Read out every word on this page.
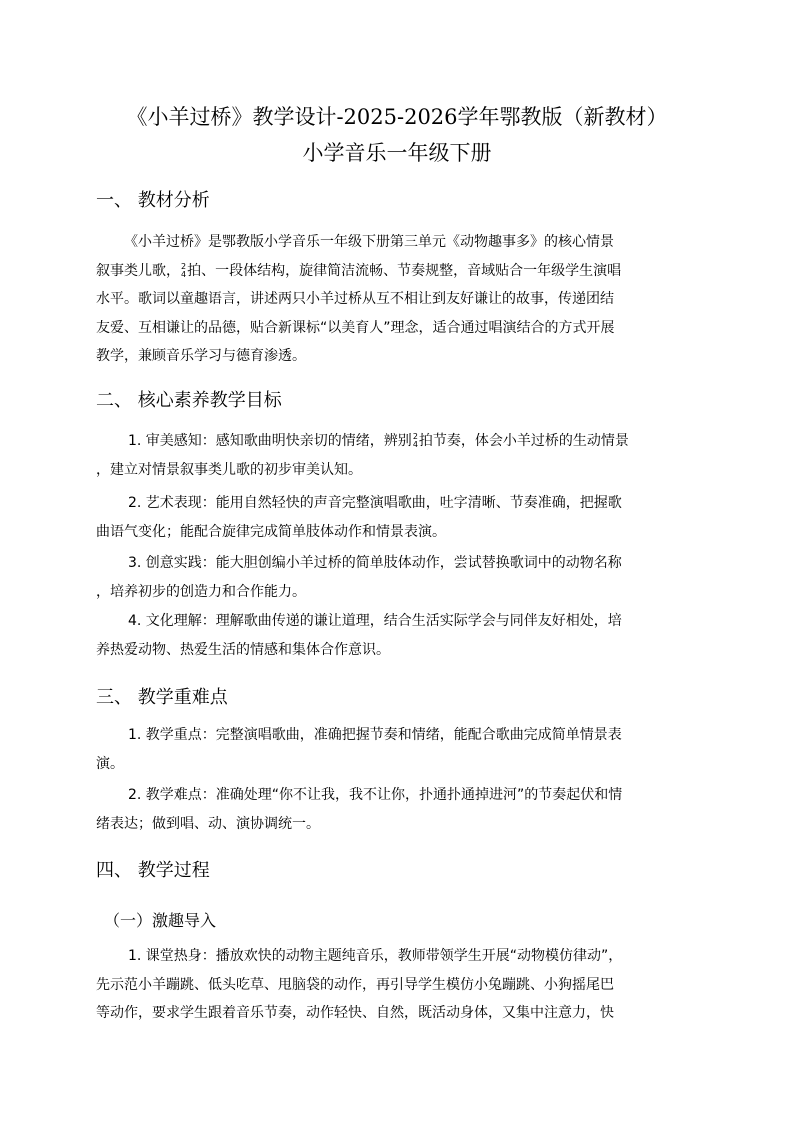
《小羊过桥》教学设计-2025-2026学年鄂教版（新教材）
小学音乐一年级下册
一、 教材分析
《小羊过桥》是鄂教版小学音乐一年级下册第三单元《动物趣事多》的核心情景
叙事类儿歌， 2
4 拍、一段体结构，旋律简洁流畅、节奏规整，音域贴合一年级学生演唱
水平。歌词以童趣语言，讲述两只小羊过桥从互不相让到友好谦让的故事，传递团结
友爱、互相谦让的品德，贴合新课标“以美育人”理念，适合通过唱演结合的方式开展
教学，兼顾音乐学习与德育渗透。
二、 核心素养教学目标
1. 审美感知：感知歌曲明快亲切的情绪，辨别 2
4 拍节奏，体会小羊过桥的生动情景
，建立对情景叙事类儿歌的初步审美认知。
2. 艺术表现：能用自然轻快的声音完整演唱歌曲，吐字清晰、节奏准确，把握歌
曲语气变化；能配合旋律完成简单肢体动作和情景表演。
3. 创意实践：能大胆创编小羊过桥的简单肢体动作，尝试替换歌词中的动物名称
，培养初步的创造力和合作能力。
4. 文化理解：理解歌曲传递的谦让道理，结合生活实际学会与同伴友好相处，培
养热爱动物、热爱生活的情感和集体合作意识。
三、 教学重难点
1. 教学重点：完整演唱歌曲，准确把握节奏和情绪，能配合歌曲完成简单情景表
演。
2. 教学难点：准确处理“你不让我，我不让你，扑通扑通掉进河”的节奏起伏和情
绪表达；做到唱、动、演协调统一。
四、 教学过程
（一）激趣导入
1. 课堂热身：播放欢快的动物主题纯音乐，教师带领学生开展“动物模仿律动”，
先示范小羊蹦跳、低头吃草、甩脑袋的动作，再引导学生模仿小兔蹦跳、小狗摇尾巴
等动作，要求学生跟着音乐节奏，动作轻快、自然，既活动身体，又集中注意力，快
